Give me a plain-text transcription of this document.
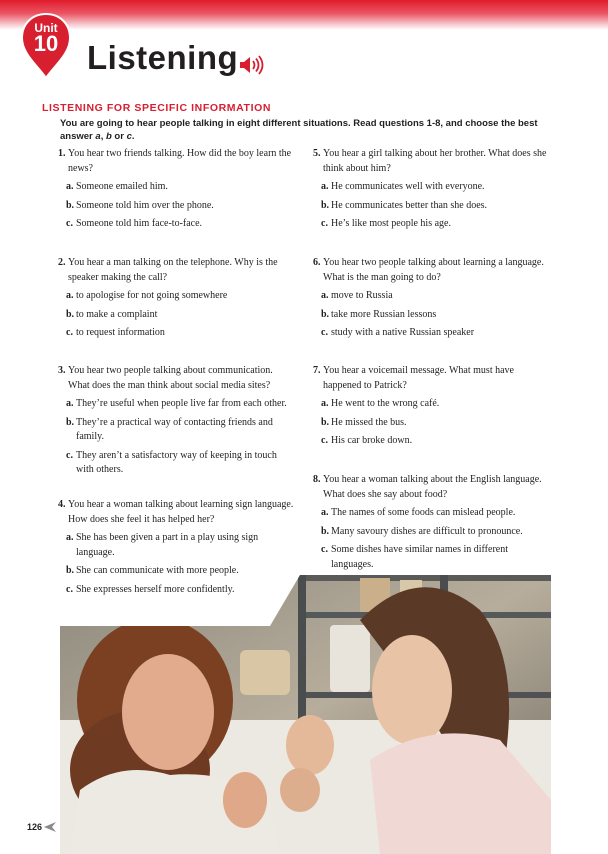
Unit
10 Listening
LISTENING FOR SPECIFIC INFORMATION
You are going to hear people talking in eight different situations. Read questions 1-8, and choose the best answer a, b or c.
1. You hear two friends talking. How did the boy learn the news?
a. Someone emailed him.
b. Someone told him over the phone.
c. Someone told him face-to-face.
2. You hear a man talking on the telephone. Why is the speaker making the call?
a. to apologise for not going somewhere
b. to make a complaint
c. to request information
3. You hear two people talking about communication. What does the man think about social media sites?
a. They’re useful when people live far from each other.
b. They’re a practical way of contacting friends and family.
c. They aren’t a satisfactory way of keeping in touch with others.
4. You hear a woman talking about learning sign language. How does she feel it has helped her?
a. She has been given a part in a play using sign language.
b. She can communicate with more people.
c. She expresses herself more confidently.
5. You hear a girl talking about her brother. What does she think about him?
a. He communicates well with everyone.
b. He communicates better than she does.
c. He’s like most people his age.
6. You hear two people talking about learning a language. What is the man going to do?
a. move to Russia
b. take more Russian lessons
c. study with a native Russian speaker
7. You hear a voicemail message. What must have happened to Patrick?
a. He went to the wrong café.
b. He missed the bus.
c. His car broke down.
8. You hear a woman talking about the English language. What does she say about food?
a. The names of some foods can mislead people.
b. Many savoury dishes are difficult to pronounce.
c. Some dishes have similar names in different languages.
126
